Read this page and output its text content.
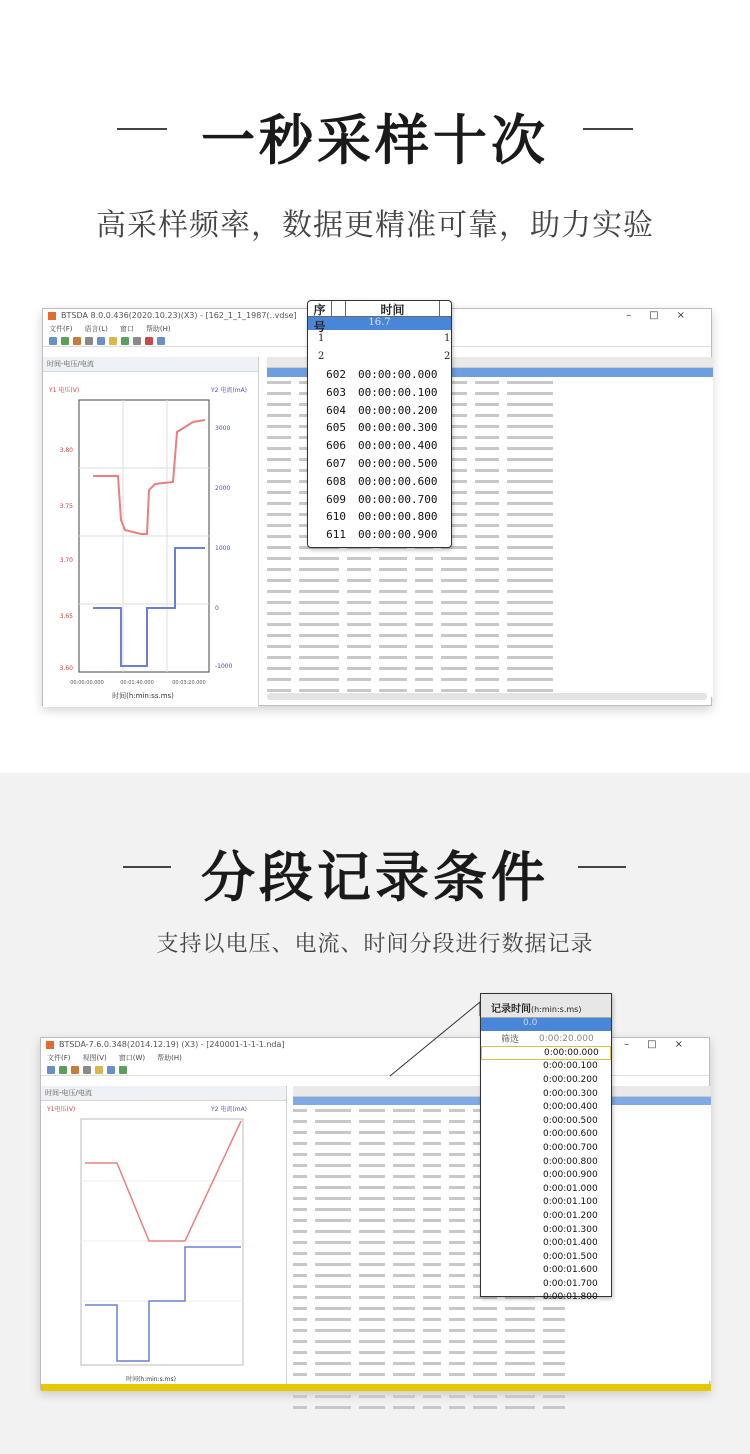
一秒采样十次
高采样频率，数据更精准可靠，助力实验
BTSDA 8.0.0.436(2020.10.23)(X3) - [162_1_1_1987(..vdse]	–□×
文件(F) 语言(L) 窗口 帮助(H)
时间-电压/电流
Y1 电压(V)	Y2 电流(mA)
3.80
3.75
3.70
3.65
3.60
3000
2000
1000
0
-1000
00:00:00.000	00:01:40.000	00:03:20.000
时间(h:min:ss.ms)
序号
时间
16.7
1	1
2	2
602	00:00:00.000
603	00:00:00.100
604	00:00:00.200
605	00:00:00.300
606	00:00:00.400
607	00:00:00.500
608	00:00:00.600
609	00:00:00.700
610	00:00:00.800
611	00:00:00.900
分段记录条件
支持以电压、电流、时间分段进行数据记录
BTSDA-7.6.0.348(2014.12.19) (X3) - [240001-1-1-1.nda]	–□×
文件(F) 视图(V) 窗口(W) 帮助(H)
时间-电压/电流
Y1电压(V)	Y2 电流(mA)
时间(h:min:s.ms)
记录时间(h:min:s.ms)
0.0
筛选	0:00:20.000
0:00:00.000
0:00:00.100
0:00:00.200
0:00:00.300
0:00:00.400
0:00:00.500
0:00:00.600
0:00:00.700
0:00:00.800
0:00:00.900
0:00:01.000
0:00:01.100
0:00:01.200
0:00:01.300
0:00:01.400
0:00:01.500
0:00:01.600
0:00:01.700
0:00:01.800
